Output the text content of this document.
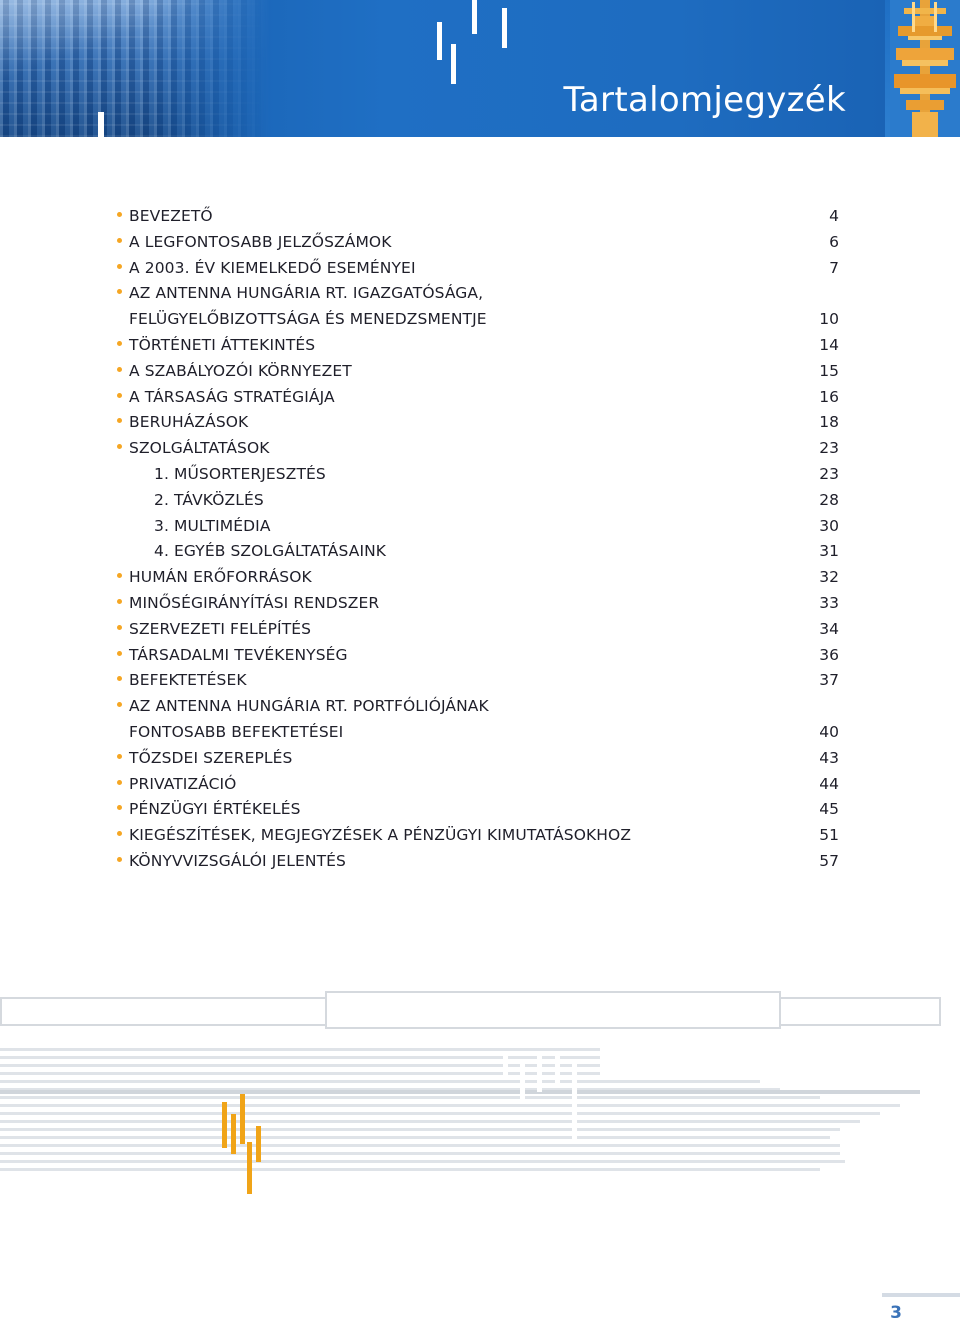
Tartalomjegyzék
BEVEZETŐ	4
A LEGFONTOSABB JELZŐSZÁMOK	6
A 2003. ÉV KIEMELKEDŐ ESEMÉNYEI	7
AZ ANTENNA HUNGÁRIA RT. IGAZGATÓSÁGA,
FELÜGYELŐBIZOTTSÁGA ÉS MENEDZSMENTJE	10
TÖRTÉNETI ÁTTEKINTÉS	14
A SZABÁLYOZÓI KÖRNYEZET	15
A TÁRSASÁG STRATÉGIÁJA	16
BERUHÁZÁSOK	18
SZOLGÁLTATÁSOK	23
1. MŰSORTERJESZTÉS	23
2. TÁVKÖZLÉS	28
3. MULTIMÉDIA	30
4. EGYÉB SZOLGÁLTATÁSAINK	31
HUMÁN ERŐFORRÁSOK	32
MINŐSÉGIRÁNYÍTÁSI RENDSZER	33
SZERVEZETI FELÉPÍTÉS	34
TÁRSADALMI TEVÉKENYSÉG	36
BEFEKTETÉSEK	37
AZ ANTENNA HUNGÁRIA RT. PORTFÓLIÓJÁNAK
FONTOSABB BEFEKTETÉSEI	40
TŐZSDEI SZEREPLÉS	43
PRIVATIZÁCIÓ	44
PÉNZÜGYI ÉRTÉKELÉS	45
KIEGÉSZÍTÉSEK, MEGJEGYZÉSEK A PÉNZÜGYI KIMUTATÁSOKHOZ	51
KÖNYVVIZSGÁLÓI JELENTÉS	57
3
